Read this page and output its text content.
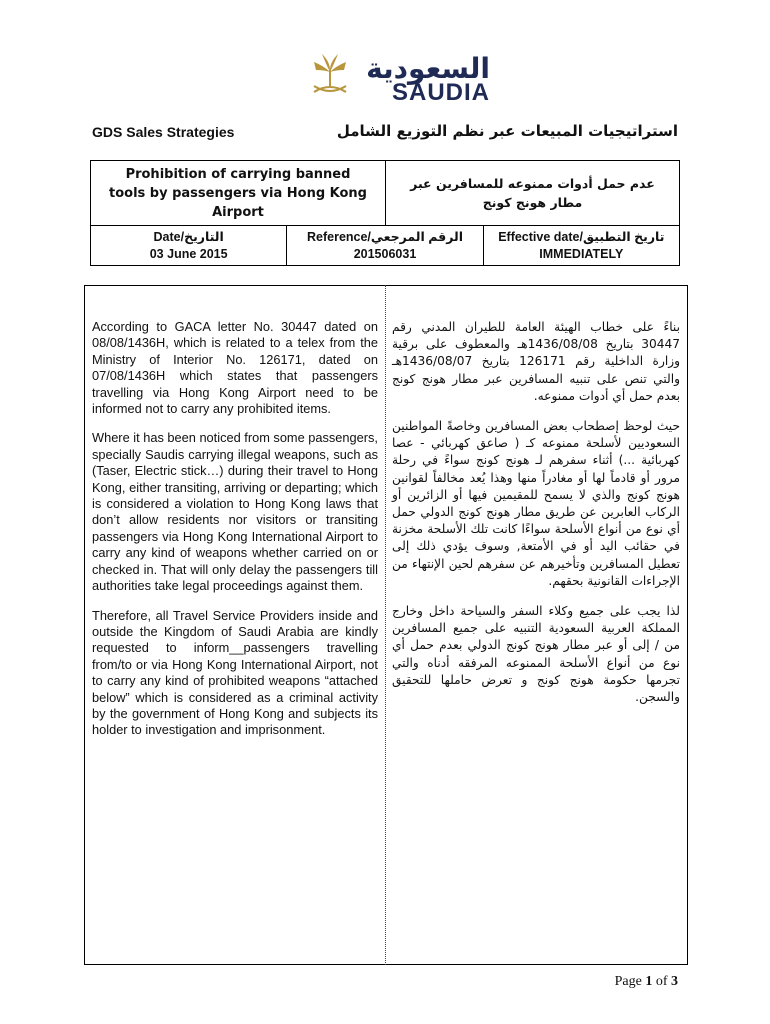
السعودية
SAUDIA
GDS Sales Strategies	استراتيجيات المبيعات عبر نظم التوزيع الشامل
Prohibition of carrying banned tools by passengers via Hong Kong Airport
عدم حمل أدوات ممنوعه للمسافرين عبر مطار هونج كونج
Date/التاريخ
03 June 2015
Reference/الرقم المرجعي
201506031
Effective date/تاريخ التطبيق
IMMEDIATELY

According to GACA letter No. 30447 dated on 08/08/1436H, which is related to a telex from the Ministry of Interior No. 126171, dated on 07/08/1436H which states that passengers travelling via Hong Kong Airport need to be informed not to carry any prohibited items.

Where it has been noticed from some passengers, specially Saudis carrying illegal weapons, such as (Taser, Electric stick…) during their travel to Hong Kong, either transiting, arriving or departing; which is considered a violation to Hong Kong laws that don’t allow residents nor visitors or transiting passengers via Hong Kong International Airport to carry any kind of weapons whether carried on or checked in. That will only delay the passengers till authorities take legal proceedings against them.

Therefore, all Travel Service Providers inside and outside the Kingdom of Saudi Arabia are kindly requested to inform__passengers travelling from/to or via Hong Kong International Airport, not to carry any kind of prohibited weapons “attached below” which is considered as a criminal activity by the government of Hong Kong and subjects its holder to investigation and imprisonment.

بناءً على خطاب الهيئة العامة للطيران المدني رقم 30447 بتاريخ 1436/08/08هـ والمعطوف على برقية وزارة الداخلية رقم 126171 بتاريخ 1436/08/07هـ والتي تنص على تنبيه المسافرين عبر مطار هونج كونج بعدم حمل أي أدوات ممنوعه.

حيث لوحظ إصطحاب بعض المسافرين وخاصةً المواطنين السعوديين لأسلحة ممنوعه كـ ( صاعق كهربائي - عصا كهربائية ...) أثناء سفرهم لـ هونج كونج سواءً في رحلة مرور أو قادماً لها أو مغادراً منها وهذا يُعد مخالفاً لقوانين هونج كونج والذي لا يسمح للمقيمين فيها أو الزائرين أو الركاب العابرين عن طريق مطار هونج كونج الدولي حمل أي نوع من أنواع الأسلحة سواءًا كانت تلك الأسلحة مخزنة في حقائب اليد أو في الأمتعة, وسوف يؤدي ذلك إلى تعطيل المسافرين وتأخيرهم عن سفرهم لحين الإنتهاء من الإجراءات القانونية بحقهم.

لذا يجب على جميع وكلاء السفر والسياحة داخل وخارج المملكة العربية السعودية التنبيه على جميع المسافرين من / إلى أو عبر مطار هونج كونج الدولي بعدم حمل أي نوع من أنواع الأسلحة الممنوعه المرفقه أدناه والتي تجرمها حكومة هونج كونج و تعرض حاملها للتحقيق والسجن.

Page 1 of 3
